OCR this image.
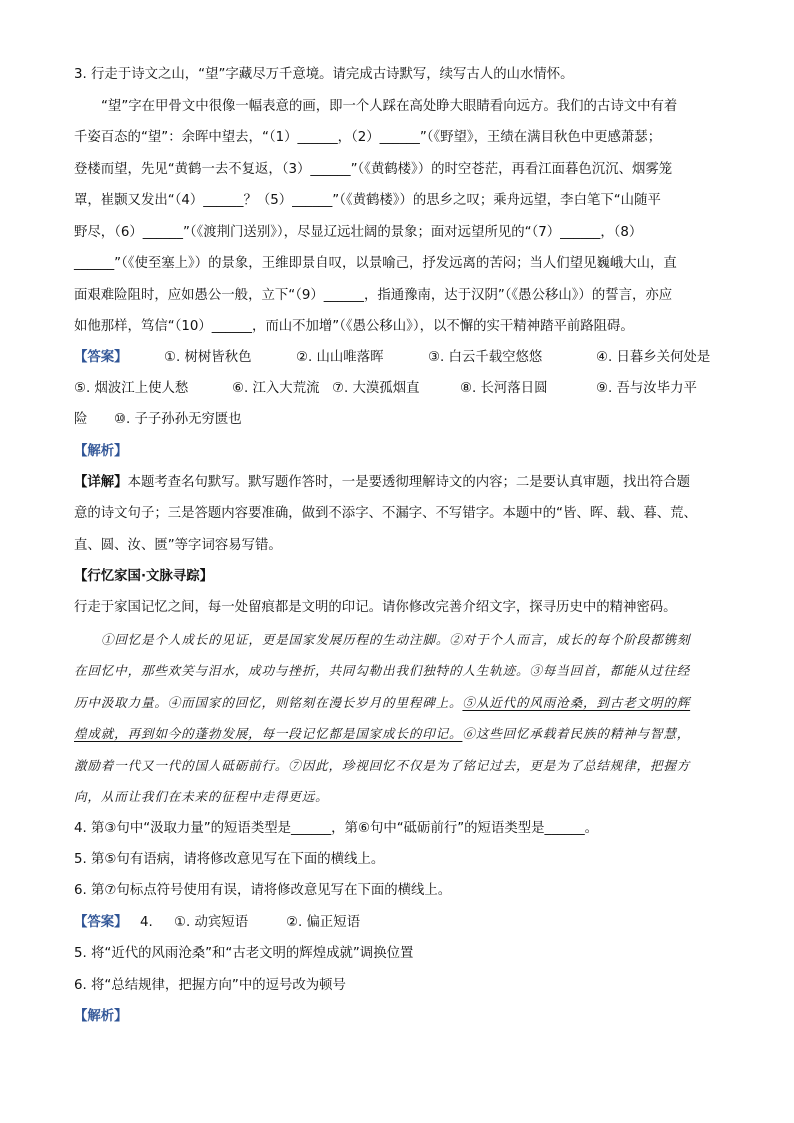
3. 行走于诗文之山，“望”字藏尽万千意境。请完成古诗默写，续写古人的山水情怀。
“望”字在甲骨文中很像一幅表意的画，即一个人踩在高处睁大眼睛看向远方。我们的古诗文中有着
千姿百态的“望”：余晖中望去，“（1）______，（2）______”（《野望》，王绩在满目秋色中更感萧瑟；
登楼而望，先见“黄鹤一去不复返，（3）______”（《黄鹤楼》）的时空苍茫，再看江面暮色沉沉、烟雾笼
罩，崔颢又发出“（4）______？（5）______”（《黄鹤楼》）的思乡之叹；乘舟远望，李白笔下“山随平
野尽，（6）______”（《渡荆门送别》），尽显辽远壮阔的景象；面对远望所见的“（7）______，（8）
______”（《使至塞上》）的景象，王维即景自叹，以景喻己，抒发远离的苦闷；当人们望见巍峨大山，直
面艰难险阻时，应如愚公一般，立下“（9）______，指通豫南，达于汉阴”（《愚公移山》）的誓言，亦应
如他那样，笃信“（10）______，而山不加增”（《愚公移山》），以不懈的实干精神踏平前路阻碍。
【答案】	①. 树树皆秋色	②. 山山唯落晖	③. 白云千载空悠悠	④. 日暮乡关何处是
⑤. 烟波江上使人愁	⑥. 江入大荒流 ⑦. 大漠孤烟直	⑧. 长河落日圆	⑨. 吾与汝毕力平
险 ⑩. 子子孙孙无穷匮也
【解析】
【详解】本题考查名句默写。默写题作答时，一是要透彻理解诗文的内容；二是要认真审题，找出符合题
意的诗文句子；三是答题内容要准确，做到不添字、不漏字、不写错字。本题中的“皆、晖、载、暮、荒、
直、圆、汝、匮”等字词容易写错。
【行忆家国·文脉寻踪】
行走于家国记忆之间，每一处留痕都是文明的印记。请你修改完善介绍文字，探寻历史中的精神密码。
①回忆是个人成长的见证，更是国家发展历程的生动注脚。②对于个人而言，成长的每个阶段都镌刻
在回忆中，那些欢笑与泪水，成功与挫折，共同勾勒出我们独特的人生轨迹。③每当回首，都能从过往经
历中汲取力量。④而国家的回忆，则铭刻在漫长岁月的里程碑上。⑤从近代的风雨沧桑，到古老文明的辉
煌成就，再到如今的蓬勃发展，每一段记忆都是国家成长的印记。⑥这些回忆承载着民族的精神与智慧，
激励着一代又一代的国人砥砺前行。⑦因此，珍视回忆不仅是为了铭记过去，更是为了总结规律，把握方
向，从而让我们在未来的征程中走得更远。
4. 第③句中“汲取力量”的短语类型是______，第⑥句中“砥砺前行”的短语类型是______。
5. 第⑤句有语病，请将修改意见写在下面的横线上。
6. 第⑦句标点符号使用有误，请将修改意见写在下面的横线上。
【答案】 4. ①. 动宾短语	②. 偏正短语
5. 将“近代的风雨沧桑”和“古老文明的辉煌成就”调换位置
6. 将“总结规律，把握方向”中的逗号改为顿号
【解析】
